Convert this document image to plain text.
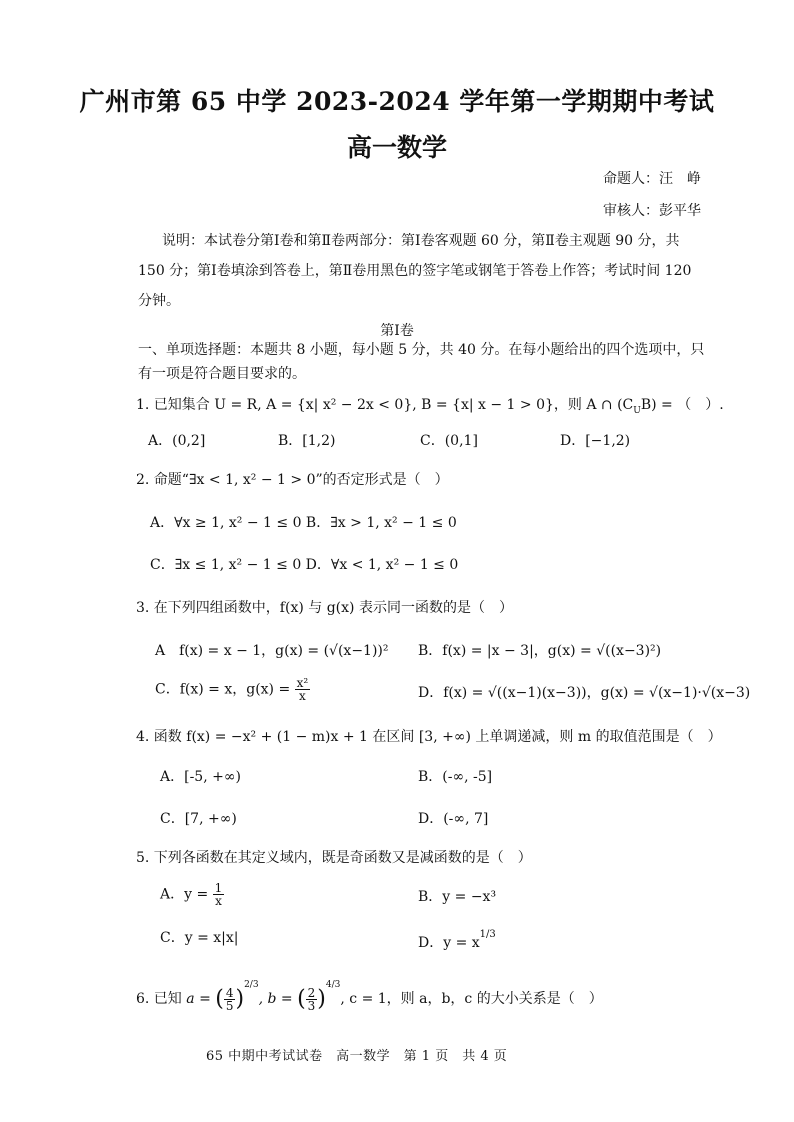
广州市第 65 中学 2023-2024 学年第一学期期中考试
高一数学
命题人：汪　峥
审核人：彭平华
说明：本试卷分第Ⅰ卷和第Ⅱ卷两部分：第Ⅰ卷客观题 60 分，第Ⅱ卷主观题 90 分，共
150 分；第Ⅰ卷填涂到答卷上，第Ⅱ卷用黑色的签字笔或钢笔于答卷上作答；考试时间 120
分钟。
第Ⅰ卷
一、单项选择题：本题共 8 小题，每小题 5 分，共 40 分。在每小题给出的四个选项中，只
有一项是符合题目要求的。
1. 已知集合 U = R, A = {x| x² − 2x < 0}, B = {x| x − 1 > 0}，则 A ∩ $(C_UB)$ = （　）.
A．(0,2]	B．[1,2)	C．(0,1]	D．[−1,2)
2. 命题“∃x < 1, x² − 1 > 0”的否定形式是（　）
A．∀x ≥ 1, x² − 1 ≤ 0 B．∃x > 1, x² − 1 ≤ 0
C．∃x ≤ 1, x² − 1 ≤ 0 D．∀x < 1, x² − 1 ≤ 0
3. 在下列四组函数中，f(x) 与 g(x) 表示同一函数的是（　）
A　f(x) = x − 1，g(x) = (√(x−1))² B．f(x) = |x − 3|，g(x) = √((x−3)²)
C．f(x) = x，$g(x) = \frac{\text{x²}}{x}$	D．f(x) = √((x−1)(x−3))，g(x) = √(x−1)·√(x−3)
4. 函数 f(x) = −x² + (1 − m)x + 1 在区间 [3, +∞) 上单调递减，则 m 的取值范围是（　）
A．[-5, +∞)	B．(-∞, -5]
C．[7, +∞)	D．(-∞, 7]
5. 下列各函数在其定义域内，既是奇函数又是减函数的是（　）
A．$y = \frac{1}{x}$	B．y = −x³
C．y = x|x|	D．$y = x^{1/3}$
6. 已知 a = ( $\frac{4}{5} )^{2/3}$, b = ( $\frac{2}{3} )^{4/3}$, c = 1，则 a，b，c 的大小关系是（　）
65 中期中考试试卷　高一数学　第 1 页　共 4 页
